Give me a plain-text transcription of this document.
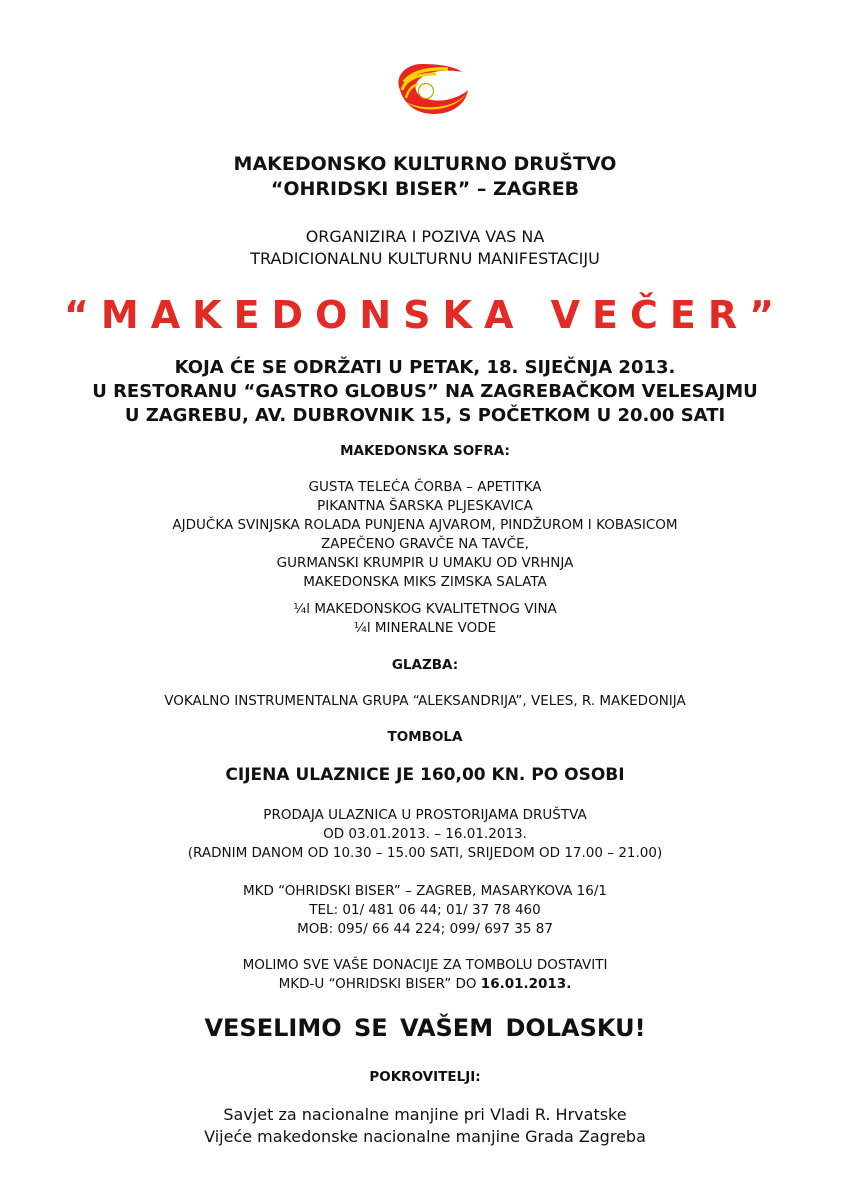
MAKEDONSKO KULTURNO DRUŠTVO
“OHRIDSKI BISER” – ZAGREB
ORGANIZIRA I POZIVA VAS NA
TRADICIONALNU KULTURNU MANIFESTACIJU
“MAKEDONSKA VEČER”
KOJA ĆE SE ODRŽATI U PETAK, 18. SIJEČNJA 2013.
U RESTORANU “GASTRO GLOBUS” NA ZAGREBAČKOM VELESAJMU
U ZAGREBU, AV. DUBROVNIK 15, S POČETKOM U 20.00 SATI
MAKEDONSKA SOFRA:
GUSTA TELEĆA ČORBA – APETITKA
PIKANTNA ŠARSKA PLJESKAVICA
AJDUČKA SVINJSKA ROLADA PUNJENA AJVAROM, PINDŽUROM I KOBASICOM
ZAPEČENO GRAVČE NA TAVČE,
GURMANSKI KRUMPIR U UMAKU OD VRHNJA
MAKEDONSKA MIKS ZIMSKA SALATA
¼l MAKEDONSKOG KVALITETNOG VINA
¼l MINERALNE VODE
GLAZBA:
VOKALNO INSTRUMENTALNA GRUPA “ALEKSANDRIJA”, VELES, R. MAKEDONIJA
TOMBOLA
CIJENA ULAZNICE JE 160,00 KN. PO OSOBI
PRODAJA ULAZNICA U PROSTORIJAMA DRUŠTVA
OD 03.01.2013. – 16.01.2013.
(RADNIM DANOM OD 10.30 – 15.00 SATI, SRIJEDOM OD 17.00 – 21.00)
MKD “OHRIDSKI BISER” – ZAGREB, MASARYKOVA 16/1
TEL: 01/ 481 06 44; 01/ 37 78 460
MOB: 095/ 66 44 224; 099/ 697 35 87
MOLIMO SVE VAŠE DONACIJE ZA TOMBOLU DOSTAVITI
MKD-U “OHRIDSKI BISER” DO 16.01.2013.
VESELIMO SE VAŠEM DOLASKU!
POKROVITELJI:
Savjet za nacionalne manjine pri Vladi R. Hrvatske
Vijeće makedonske nacionalne manjine Grada Zagreba
